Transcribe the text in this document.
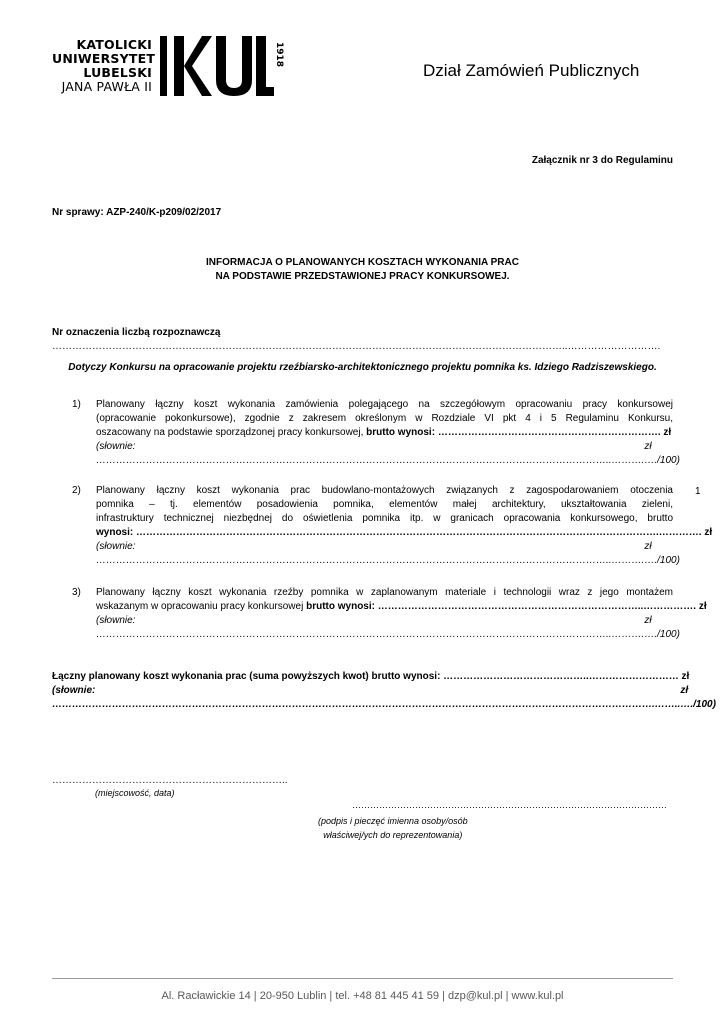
KATOLICKI
UNIWERSYTET
LUBELSKI
JANA PAWŁA II
1918
Dział Zamówień Publicznych
Załącznik nr 3 do Regulaminu
Nr sprawy: AZP-240/K-p209/02/2017
INFORMACJA O PLANOWANYCH KOSZTACH WYKONANIA PRAC
NA PODSTAWIE PRZEDSTAWIONEJ PRACY KONKURSOWEJ.
Nr oznaczenia liczbą rozpoznawczą ………………………………………………………………………………………………………………………………………..……………………….
Dotyczy Konkursu na opracowanie projektu rzeźbiarsko-architektonicznego projektu pomnika ks. Idziego Radziszewskiego.
1) Planowany łączny koszt wykonania zamówienia polegającego na szczegółowym opracowaniu pracy konkursowej
(opracowanie pokonkursowe), zgodnie z zakresem określonym w Rozdziale VI pkt 4 i 5 Regulaminu Konkursu,
oszacowany na podstawie sporządzonej pracy konkursowej, brutto wynosi: …………………………………………………………. zł
(słownie: ………………………………………………………………………………………………………………………………………..……….
zł …./100)
2) Planowany łączny koszt wykonania prac budowlano-montażowych związanych z zagospodarowaniem otoczenia
pomnika – tj. elementów posadowienia pomnika, elementów małej architektury, ukształtowania zieleni,
infrastruktury technicznej niezbędnej do oświetlenia pomnika itp. w granicach opracowania konkursowego, brutto
wynosi: ………………………………………………………………………………………………………………………………………….…………. zł
(słownie: ………………………………………………………………………………………………………………………………………..……….
zł …./100)
3) Planowany łączny koszt wykonania rzeźby pomnika w zaplanowanym materiale i technologii wraz z jego montażem
wskazanym w opracowaniu pracy konkursowej brutto wynosi: ……………………………………………………………………..……………. zł
(słownie: ………………………………………………………………………………………………………………………………………..……….
zł …./100)
1
Łączny planowany koszt wykonania prac (suma powyższych kwot) brutto wynosi: ……………………………………..……………………… zł
(słownie: ……………………………………………………………………………………………………………………………………………………………….……..
zł …./100)
……………………………………………………………..
(miejscowość, data)
……………………………………………………………………………………………
(podpis i pieczęć imienna osoby/osób
właściwej/ych do reprezentowania)
Al. Racławickie 14 | 20-950 Lublin | tel. +48 81 445 41 59 | dzp@kul.pl | www.kul.pl
